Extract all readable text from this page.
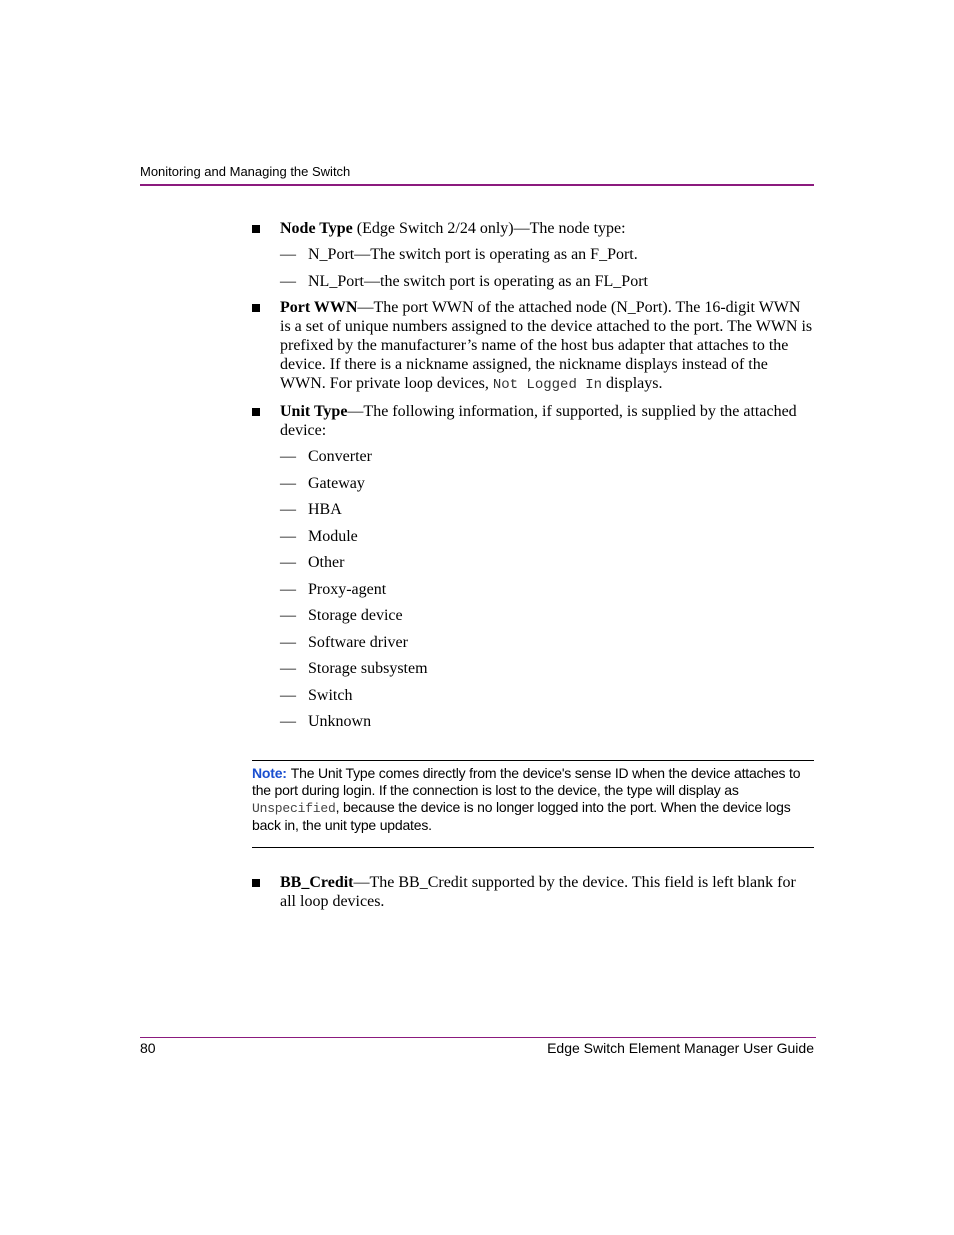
Monitoring and Managing the Switch
Node Type (Edge Switch 2/24 only)—The node type:
— N_Port—The switch port is operating as an F_Port.
— NL_Port—the switch port is operating as an FL_Port
Port WWN—The port WWN of the attached node (N_Port). The 16-digit WWN is a set of unique numbers assigned to the device attached to the port. The WWN is prefixed by the manufacturer’s name of the host bus adapter that attaches to the device. If there is a nickname assigned, the nickname displays instead of the WWN. For private loop devices, Not Logged In displays.
Unit Type—The following information, if supported, is supplied by the attached device:
— Converter
— Gateway
— HBA
— Module
— Other
— Proxy-agent
— Storage device
— Software driver
— Storage subsystem
— Switch
— Unknown
Note: The Unit Type comes directly from the device's sense ID when the device attaches to the port during login. If the connection is lost to the device, the type will display as Unspecified, because the device is no longer logged into the port. When the device logs back in, the unit type updates.
BB_Credit—The BB_Credit supported by the device. This field is left blank for all loop devices.
80	Edge Switch Element Manager User Guide
